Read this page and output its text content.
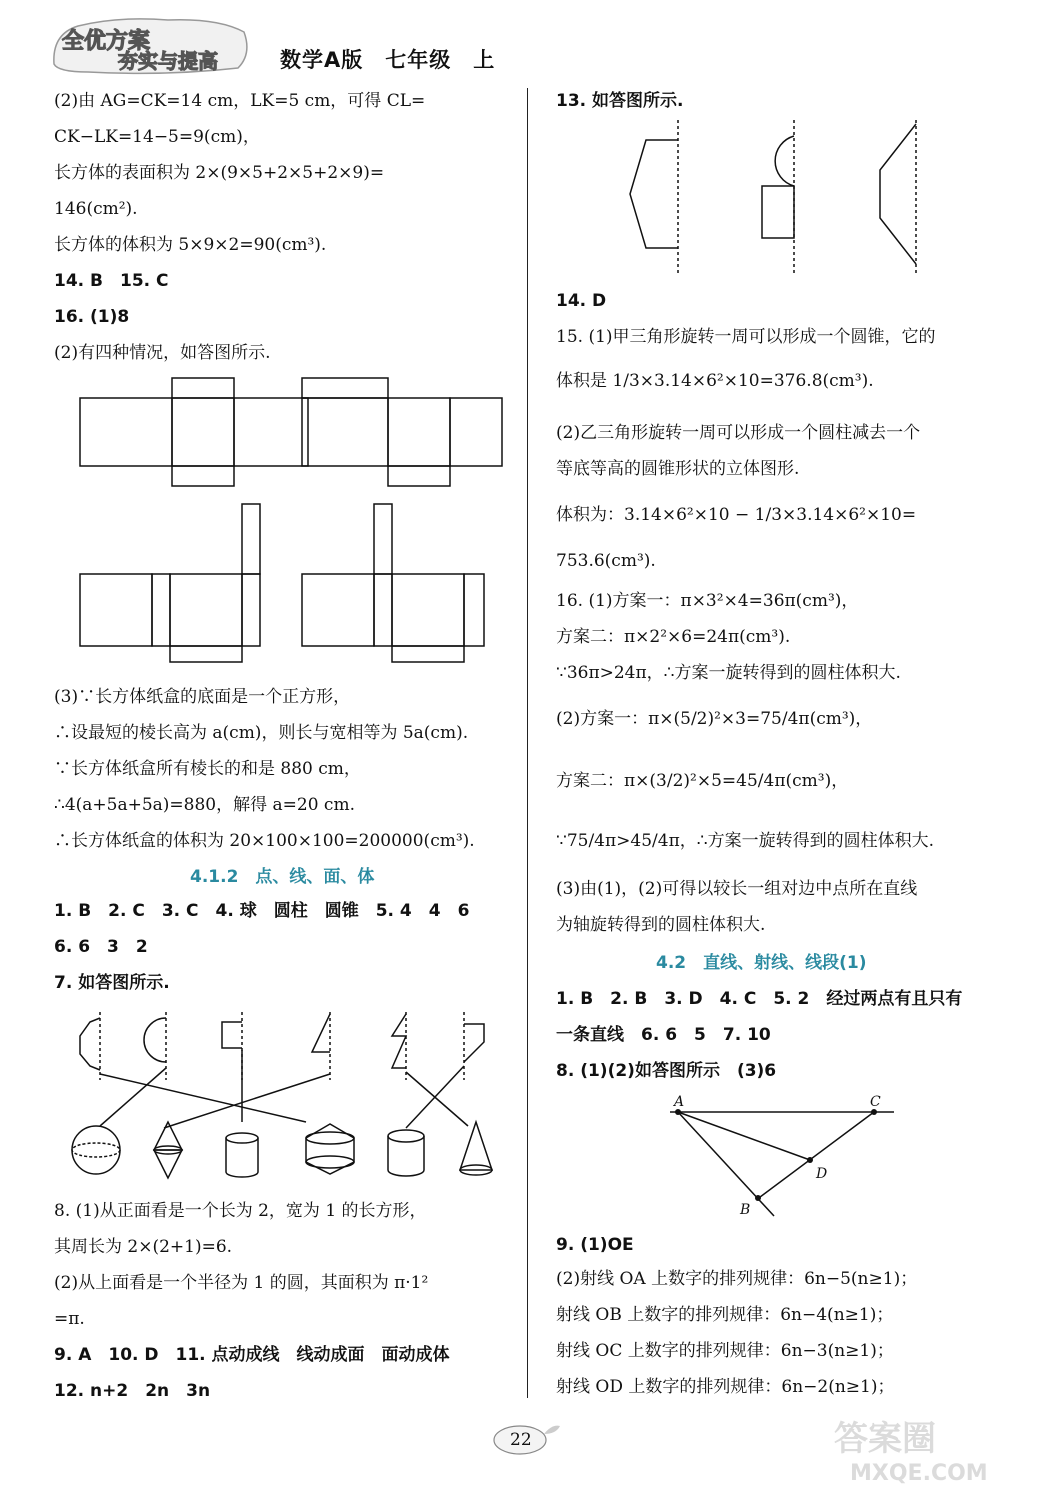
全优方案
夯实与提高	数学A版　七年级　上
(2)由 AG=CK=14 cm，LK=5 cm，可得 CL=
CK−LK=14−5=9(cm)，
长方体的表面积为 2×(9×5+2×5+2×9)=
146(cm²).
长方体的体积为 5×9×2=90(cm³).
14. B　15. C
16. (1)8
(2)有四种情况，如答图所示.
(3)∵长方体纸盒的底面是一个正方形，
∴设最短的棱长高为 a(cm)，则长与宽相等为 5a(cm).
∵长方体纸盒所有棱长的和是 880 cm，
∴4(a+5a+5a)=880，解得 a=20 cm.
∴长方体纸盒的体积为 20×100×100=200000(cm³).
4.1.2　点、线、面、体
1. B　2. C　3. C　4. 球　圆柱　圆锥　5. 4　4　6
6. 6　3　2
7. 如答图所示.
8. (1)从正面看是一个长为 2，宽为 1 的长方形，
其周长为 2×(2+1)=6.
(2)从上面看是一个半径为 1 的圆，其面积为 π·1²
=π.
9. A　10. D　11. 点动成线　线动成面　面动成体
12. n+2　2n　3n
13. 如答图所示.
14. D
15. (1)甲三角形旋转一周可以形成一个圆锥，它的
体积是 1/3×3.14×6²×10=376.8(cm³).
(2)乙三角形旋转一周可以形成一个圆柱减去一个
等底等高的圆锥形状的立体图形.
体积为：3.14×6²×10 − 1/3×3.14×6²×10=
753.6(cm³).
16. (1)方案一：π×3²×4=36π(cm³)，
方案二：π×2²×6=24π(cm³).
∵36π>24π，∴方案一旋转得到的圆柱体积大.
(2)方案一：π×(5/2)²×3=75/4π(cm³)，
方案二：π×(3/2)²×5=45/4π(cm³)，
∵75/4π>45/4π，∴方案一旋转得到的圆柱体积大.
(3)由(1)，(2)可得以较长一组对边中点所在直线
为轴旋转得到的圆柱体积大.
4.2　直线、射线、线段(1)
1. B　2. B　3. D　4. C　5. 2　经过两点有且只有
一条直线　6. 6　5　7. 10
8. (1)(2)如答图所示　(3)6
A	C
D
B
9. (1)OE
(2)射线 OA 上数字的排列规律：6n−5(n≥1)；
射线 OB 上数字的排列规律：6n−4(n≥1)；
射线 OC 上数字的排列规律：6n−3(n≥1)；
射线 OD 上数字的排列规律：6n−2(n≥1)；
22	答案圈
MXQE.COM
